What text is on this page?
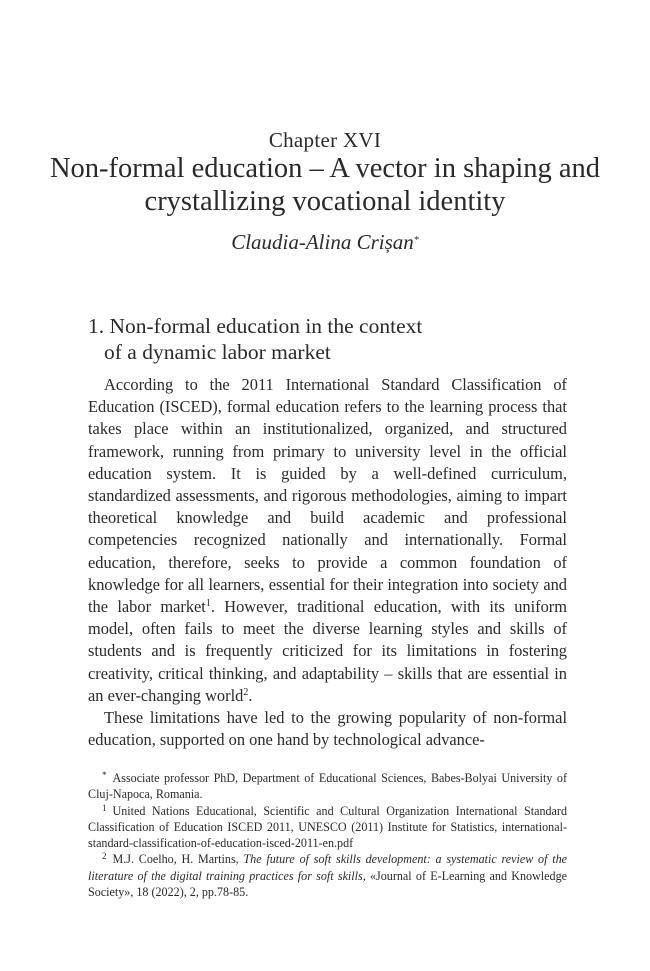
Chapter XVI
Non-formal education – A vector in shaping and crystallizing vocational identity
Claudia-Alina Crișan*
1. Non-formal education in the context
of a dynamic labor market

According to the 2011 International Standard Classification of Education (ISCED), formal education refers to the learning process that takes place within an institutionalized, organized, and structured framework, running from primary to university level in the official education system. It is guided by a well-defined curriculum, standardized assessments, and rigorous methodologies, aiming to impart theoretical knowledge and build academic and professional competencies recognized nationally and internationally. Formal education, therefore, seeks to provide a common foundation of knowledge for all learners, essential for their integration into society and the labor market$^1$. However, traditional education, with its uniform model, often fails to meet the diverse learning styles and skills of students and is frequently criticized for its limitations in fostering creativity, critical thinking, and adaptability – skills that are essential in an ever-changing world$^2$.

These limitations have led to the growing popularity of non-formal education, supported on one hand by technological advance-

* Associate professor PhD, Department of Educational Sciences, Babes-Bolyai University of Cluj-Napoca, Romania.

$^1$ United Nations Educational, Scientific and Cultural Organization International Standard Classification of Education ISCED 2011, UNESCO (2011) Institute for Statistics, international-standard-classification-of-education-isced-2011-en.pdf

$^2$ M.J. Coelho, H. Martins, The future of soft skills development: a systematic review of the literature of the digital training practices for soft skills, «Journal of E-Learning and Knowledge Society», 18 (2022), 2, pp.78-85.
